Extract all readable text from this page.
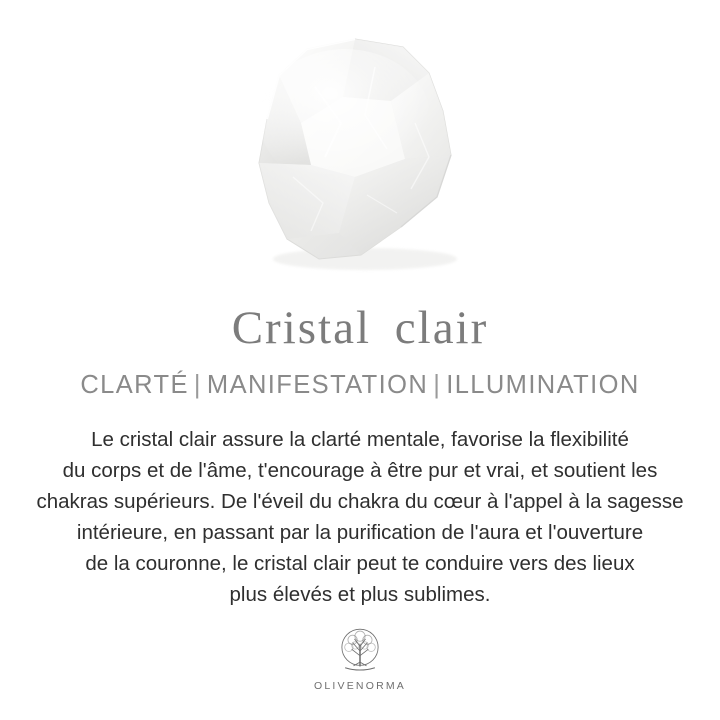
Cristal clair
CLARTÉ | MANIFESTATION | ILLUMINATION
Le cristal clair assure la clarté mentale, favorise la flexibilité
du corps et de l'âme, t'encourage à être pur et vrai, et soutient les
chakras supérieurs. De l'éveil du chakra du cœur à l'appel à la sagesse
intérieure, en passant par la purification de l'aura et l'ouverture
de la couronne, le cristal clair peut te conduire vers des lieux
plus élevés et plus sublimes.
OLIVENORMA
